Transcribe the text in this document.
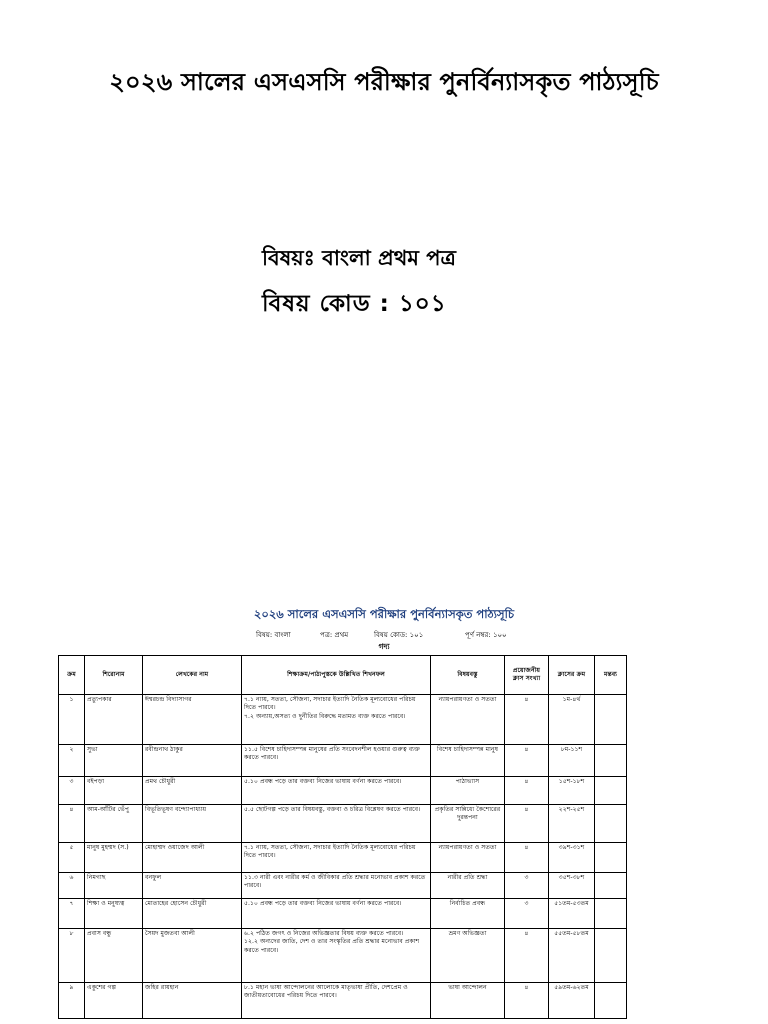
২০২৬ সালের এসএসসি পরীক্ষার পুনর্বিন্যাসকৃত পাঠ্যসূচি
বিষয়ঃ বাংলা প্রথম পত্র
বিষয় কোড : ১০১
২০২৬ সালের এসএসসি পরীক্ষার পুনর্বিন্যাসকৃত পাঠ্যসূচি
বিষয়: বাংলা	পত্র: প্রথম	বিষয় কোড: ১০১	পূর্ণ নম্বর: ১০০
গদ্য
ক্রম	শিরোনাম	লেখকের নাম	শিক্ষাক্রম/পাঠ্যপুস্তকে উল্লিখিত শিখনফল	বিষয়বস্তু	প্রয়োজনীয় ক্লাস সংখ্যা	ক্লাসের ক্রম	মন্তব্য
১	প্রত্যুপকার	ঈশ্বরচন্দ্র বিদ্যাসাগর	৭.১ ন্যায়, সততা, সৌজন্য, সদাচার ইত্যাদি নৈতিক মূল্যবোধের পরিচয় দিতে পারবে।
৭.২ অন্যায়,অসত্য ও দুর্নীতির বিরুদ্ধে মতামত ব্যক্ত করতে পারবে।	ন্যায়পরায়ণতা ও সততা	৪	১ম-৪র্থ	
২	সুভা	রবীন্দ্রনাথ ঠাকুর	১১.৫ বিশেষ চাহিদাসম্পন্ন মানুষের প্রতি সংবেদনশীল হওয়ার গুরুত্ব ব্যক্ত করতে পারবে।	বিশেষ চাহিদাসম্পন্ন মানুষ	৪	৮ম-১১শ	
৩	বইপড়া	প্রমথ চৌধুরী	৫.১০ প্রবন্ধ পড়ে তার বক্তব্য নিজের ভাষায় বর্ণনা করতে পারবে।	পাঠাভ্যাস	৪	১৫শ-১৮শ	
৪	আম-আঁটির ভেঁপু	বিভূতিভূষণ বন্দ্যোপাধ্যায়	৫.৫ ছোটগল্প পড়ে তার বিষয়বস্তু, বক্তব্য ও চরিত্র বিশ্লেষণ করতে পারবে।	প্রকৃতির সান্নিধ্যে কৈশোরের দুরন্তপনা	৪	২২শ-২৫শ	
৫	মানুষ মুহম্মদ (স.)	মোহাম্মদ ওয়াজেদ আলী	৭.১ ন্যায়, সততা, সৌজন্য, সদাচার ইত্যাদি নৈতিক মূল্যবোধের পরিচয় দিতে পারবে।	ন্যায়পরায়ণতা ও সততা	৪	৩৯শ-৩১শ	
৬	নিমগাছ	বনফুল	১১.৩ নারী এবং নারীর কর্ম ও জীবিকার প্রতি শ্রদ্ধার মনোভাব প্রকাশ করতে পারবে।	নারীর প্রতি শ্রদ্ধা	৩	৩৫শ-৩৮শ	
৭	শিক্ষা ও মনুষ্যত্ব	মোতাহের হোসেন চৌধুরী	৫.১০ প্রবন্ধ পড়ে তার বক্তব্য নিজের ভাষায় বর্ণনা করতে পারবে।	নির্বাচিত প্রবন্ধ	৩	৫১তম-৫৩তম	
৮	প্রবাস বন্ধু	সৈয়দ মুজতবা আলী	৬.২ পঠিত জগৎ ও নিজের অভিজ্ঞতার বিষয় ব্যক্ত করতে পারবে।
১২.২ অন্যদের জাতি, দেশ ও তার সংস্কৃতির প্রতি শ্রদ্ধার মনোভাব প্রকাশ করতে পারবে।	ভ্রমণ অভিজ্ঞতা	৪	৫৫তম-৫৮তম	
৯	একুশের গল্প	জহির রায়হান	৮.১ মহান ভাষা আন্দোলনের আলোকে মাতৃভাষা প্রীতি, দেশপ্রেম ও জাতীয়তাবোধের পরিচয় দিতে পারবে।	ভাষা আন্দোলন	৪	৫৯তম-৬২তম	
